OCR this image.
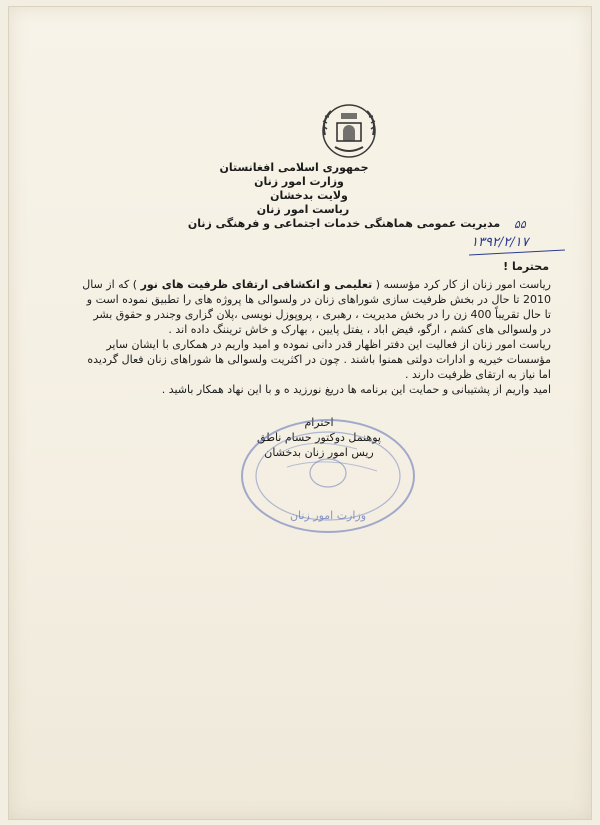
جمهوری اسلامی افغانستان
وزارت امور زنان
ولایت بدخشان
ریاست امور زنان
مدیریت عمومی هماهنگی خدمات اجتماعی و فرهنگی زنان	۵۵
۱۳۹۲/۲/۱۷
محترما !

ریاست امور زنان از کار کرد مؤسسه ( تعلیمی و انکشافی ارتقای ظرفیت های نور ) که از سال 2010 تا حال در بخش ظرفیت سازی شوراهای زنان در ولسوالی ها پروژه های را تطبیق نموده است و تا حال تقریباً 400 زن را در بخش مدیریت ، رهبری ، پروپوزل نویسی ،پلان گزاری وجندر و حقوق بشر در ولسوالی های کشم ، ارگو، فیض اباد ، یفتل پایین ، بهارک و خاش تریننگ داده اند .

ریاست امور زنان از فعالیت این دفتر اظهار قدر دانی نموده و امید واریم در همکاری با ایشان سایر مؤسسات خیریه و ادارات دولتی همنوا باشند . چون در اکثریت ولسوالی ها شوراهای زنان فعال گردیده اما نیاز به ارتقای ظرفیت دارند .

امید واریم از پشتیبانی و حمایت این برنامه ها دریغ نورزید ه و با این نهاد همکار باشید .

احترام
پوهنمل دوکتور حسام ناطق
ریس امور زنان بدخشان
وزارت امور زنان
